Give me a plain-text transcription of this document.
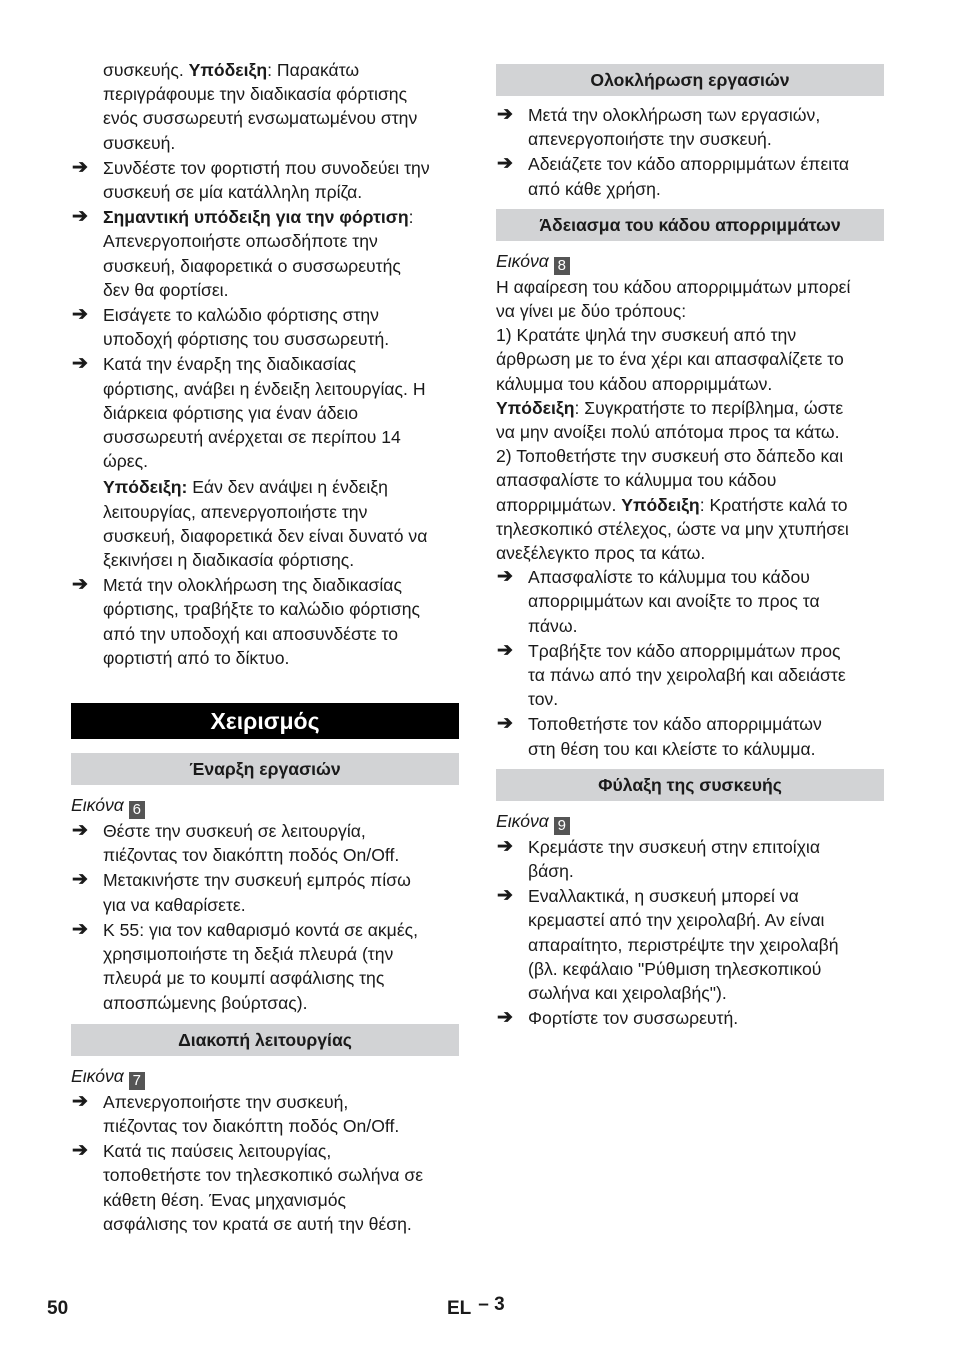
συσκευής. Υπόδειξη: Παρακάτω
περιγράφουμε την διαδικασία φόρτισης
ενός συσσωρευτή ενσωματωμένου στην
συσκευή.

➔ Συνδέστε τον φορτιστή που συνοδεύει την
συσκευή σε μία κατάλληλη πρίζα.
➔ Σημαντική υπόδειξη για την φόρτιση:
Απενεργοποιήστε οπωσδήποτε την
συσκευή, διαφορετικά ο συσσωρευτής
δεν θα φορτίσει.
➔ Εισάγετε το καλώδιο φόρτισης στην
υποδοχή φόρτισης του συσσωρευτή.
➔ Κατά την έναρξη της διαδικασίας
φόρτισης, ανάβει η ένδειξη λειτουργίας. Η
διάρκεια φόρτισης για έναν άδειο
συσσωρευτή ανέρχεται σε περίπου 14
ώρες.

Υπόδειξη: Εάν δεν ανάψει η ένδειξη
λειτουργίας, απενεργοποιήστε την
συσκευή, διαφορετικά δεν είναι δυνατό να
ξεκινήσει η διαδικασία φόρτισης.

➔ Μετά την ολοκλήρωση της διαδικασίας
φόρτισης, τραβήξτε το καλώδιο φόρτισης
από την υποδοχή και αποσυνδέστε το
φορτιστή από το δίκτυο.
Χειρισμός
Έναρξη εργασιών

Εικόνα 6

➔ Θέστε την συσκευή σε λειτουργία,
πιέζοντας τον διακόπτη ποδός On/Off.
➔ Μετακινήστε την συσκευή εμπρός πίσω
για να καθαρίσετε.
➔ K 55: για τον καθαρισμό κοντά σε ακμές,
χρησιμοποιήστε τη δεξιά πλευρά (την
πλευρά με το κουμπί ασφάλισης της
αποσπώμενης βούρτσας).
Διακοπή λειτουργίας

Εικόνα 7

➔ Απενεργοποιήστε την συσκευή,
πιέζοντας τον διακόπτη ποδός On/Off.
➔ Κατά τις παύσεις λειτουργίας,
τοποθετήστε τον τηλεσκοπικό σωλήνα σε
κάθετη θέση. Ένας μηχανισμός
ασφάλισης τον κρατά σε αυτή την θέση.
Ολοκλήρωση εργασιών
➔ Μετά την ολοκλήρωση των εργασιών,
απενεργοποιήστε την συσκευή.
➔ Αδειάζετε τον κάδο απορριμμάτων έπειτα
από κάθε χρήση.
Άδειασμα του κάδου απορριμμάτων

Εικόνα 8

Η αφαίρεση του κάδου απορριμμάτων μπορεί
να γίνει με δύο τρόπους:
1) Κρατάτε ψηλά την συσκευή από την
άρθρωση με το ένα χέρι και απασφαλίζετε το
κάλυμμα του κάδου απορριμμάτων.
Υπόδειξη: Συγκρατήστε το περίβλημα, ώστε
να μην ανοίξει πολύ απότομα προς τα κάτω.
2) Τοποθετήστε την συσκευή στο δάπεδο και
απασφαλίστε το κάλυμμα του κάδου
απορριμμάτων. Υπόδειξη: Κρατήστε καλά το
τηλεσκοπικό στέλεχος, ώστε να μην χτυπήσει
ανεξέλεγκτο προς τα κάτω.

➔ Απασφαλίστε το κάλυμμα του κάδου
απορριμμάτων και ανοίξτε το προς τα
πάνω.
➔ Τραβήξτε τον κάδο απορριμμάτων προς
τα πάνω από την χειρολαβή και αδειάστε
τον.
➔ Τοποθετήστε τον κάδο απορριμμάτων
στη θέση του και κλείστε το κάλυμμα.
Φύλαξη της συσκευής

Εικόνα 9

➔ Κρεμάστε την συσκευή στην επιτοίχια
βάση.
➔ Εναλλακτικά, η συσκευή μπορεί να
κρεμαστεί από την χειρολαβή. Αν είναι
απαραίτητο, περιστρέψτε την χειρολαβή
(βλ. κεφάλαιο "Ρύθμιση τηλεσκοπικού
σωλήνα και χειρολαβής").
➔ Φορτίστε τον συσσωρευτή.
50	EL – 3
